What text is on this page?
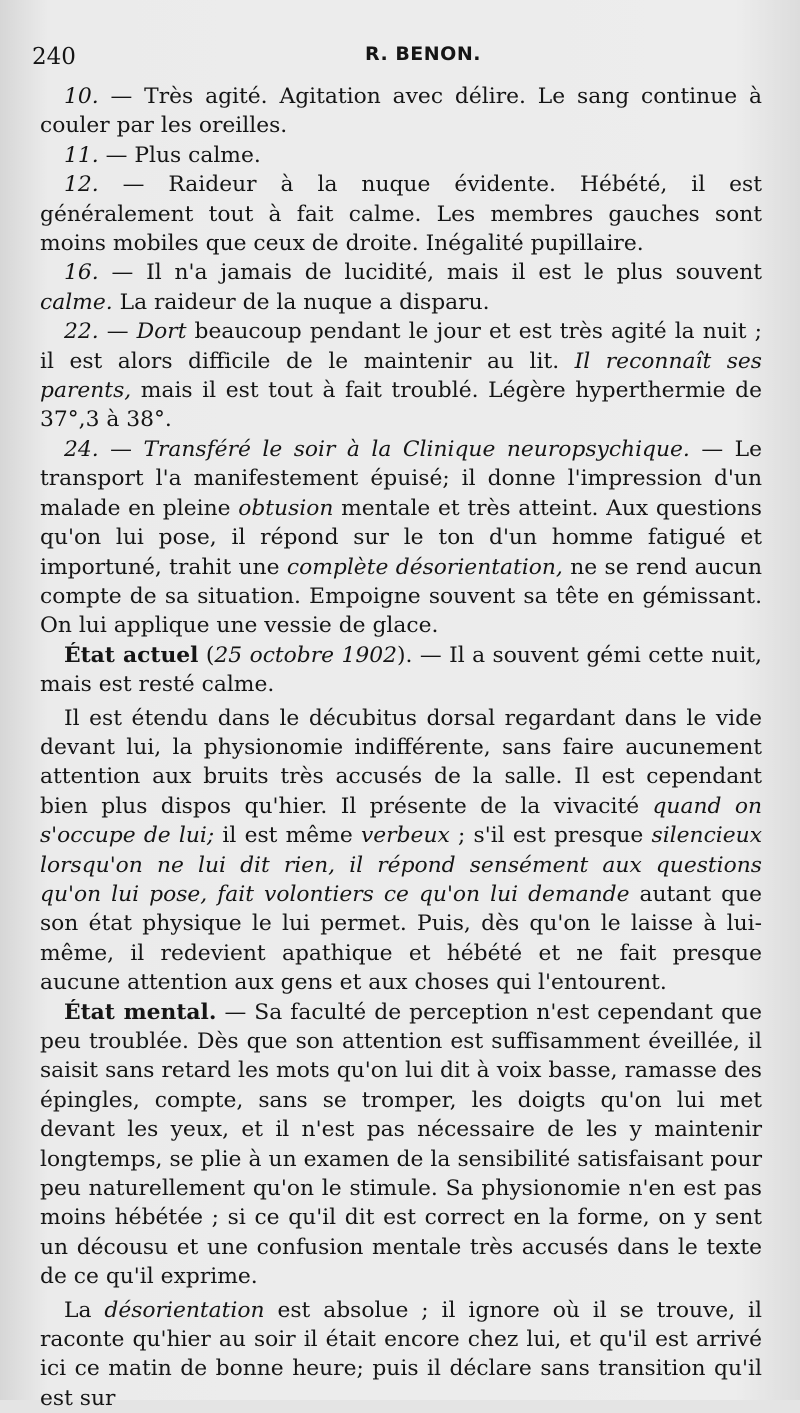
240	R. BENON.

10. — Très agité. Agitation avec délire. Le sang continue à couler par les oreilles.

11. — Plus calme.

12. — Raideur à la nuque évidente. Hébété, il est généralement tout à fait calme. Les membres gauches sont moins mobiles que ceux de droite. Inégalité pupillaire.

16. — Il n'a jamais de lucidité, mais il est le plus souvent calme. La raideur de la nuque a disparu.

22. — Dort beaucoup pendant le jour et est très agité la nuit ; il est alors difficile de le maintenir au lit. Il reconnaît ses parents, mais il est tout à fait troublé. Légère hyperthermie de 37°,3 à 38°.

24. — Transféré le soir à la Clinique neuropsychique. — Le transport l'a manifestement épuisé; il donne l'impression d'un malade en pleine obtusion mentale et très atteint. Aux questions qu'on lui pose, il répond sur le ton d'un homme fatigué et importuné, trahit une complète désorientation, ne se rend aucun compte de sa situation. Empoigne souvent sa tête en gémissant. On lui applique une vessie de glace.

État actuel (25 octobre 1902). — Il a souvent gémi cette nuit, mais est resté calme.

Il est étendu dans le décubitus dorsal regardant dans le vide devant lui, la physionomie indifférente, sans faire aucunement attention aux bruits très accusés de la salle. Il est cependant bien plus dispos qu'hier. Il présente de la vivacité quand on s'occupe de lui; il est même verbeux ; s'il est presque silencieux lorsqu'on ne lui dit rien, il répond sensément aux questions qu'on lui pose, fait volontiers ce qu'on lui demande autant que son état physique le lui permet. Puis, dès qu'on le laisse à lui-même, il redevient apathique et hébété et ne fait presque aucune attention aux gens et aux choses qui l'entourent.

État mental. — Sa faculté de perception n'est cependant que peu troublée. Dès que son attention est suffisamment éveillée, il saisit sans retard les mots qu'on lui dit à voix basse, ramasse des épingles, compte, sans se tromper, les doigts qu'on lui met devant les yeux, et il n'est pas nécessaire de les y maintenir longtemps, se plie à un examen de la sensibilité satisfaisant pour peu naturellement qu'on le stimule. Sa physionomie n'en est pas moins hébétée ; si ce qu'il dit est correct en la forme, on y sent un décousu et une confusion mentale très accusés dans le texte de ce qu'il exprime.

La désorientation est absolue ; il ignore où il se trouve, il raconte qu'hier au soir il était encore chez lui, et qu'il est arrivé ici ce matin de bonne heure; puis il déclare sans transition qu'il est sur
